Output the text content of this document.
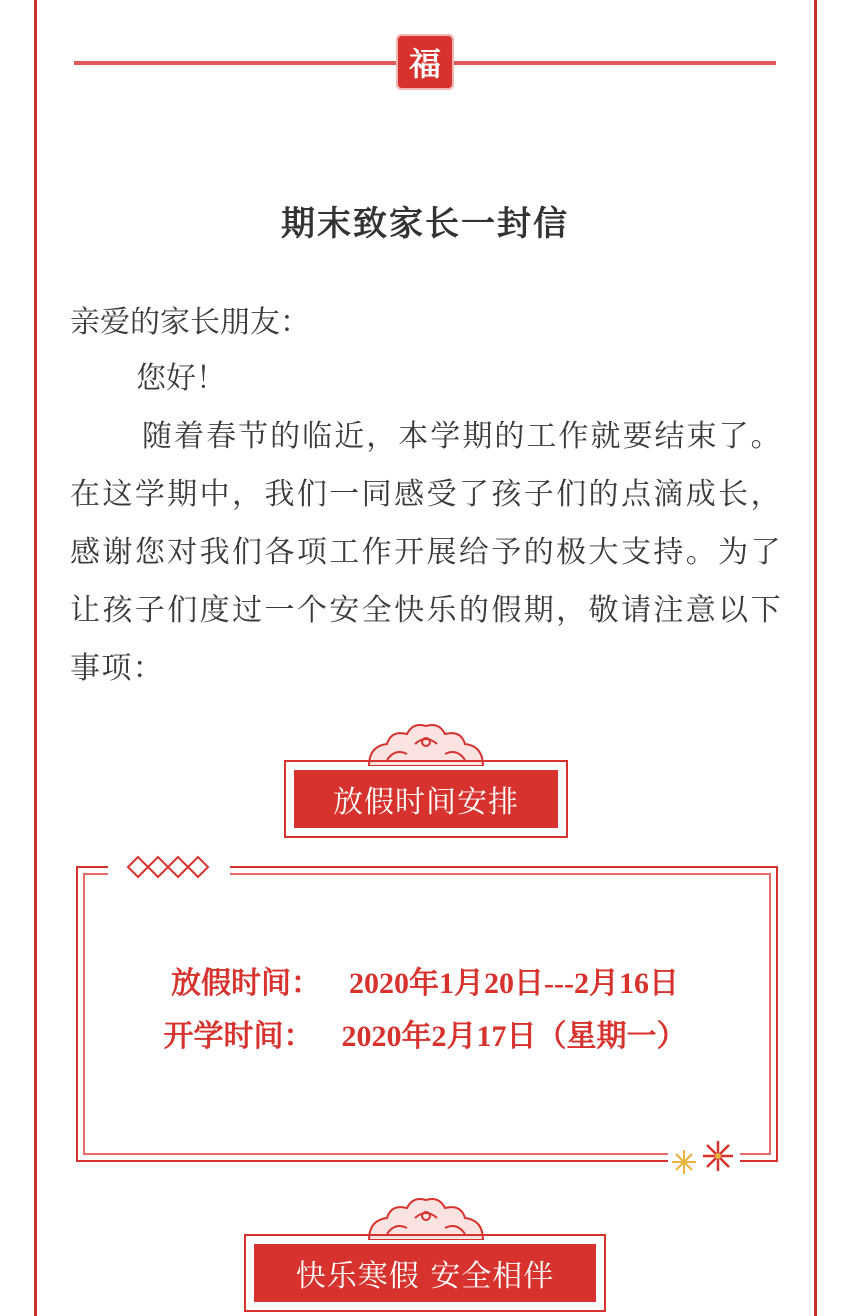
福
期末致家长一封信
亲爱的家长朋友：
您好！
随着春节的临近，本学期的工作就要结束了。在这学期中，我们一同感受了孩子们的点滴成长，感谢您对我们各项工作开展给予的极大支持。为了让孩子们度过一个安全快乐的假期，敬请注意以下事项：
放假时间安排
放假时间： 2020年1月20日---2月16日
开学时间： 2020年2月17日（星期一）
快乐寒假 安全相伴
